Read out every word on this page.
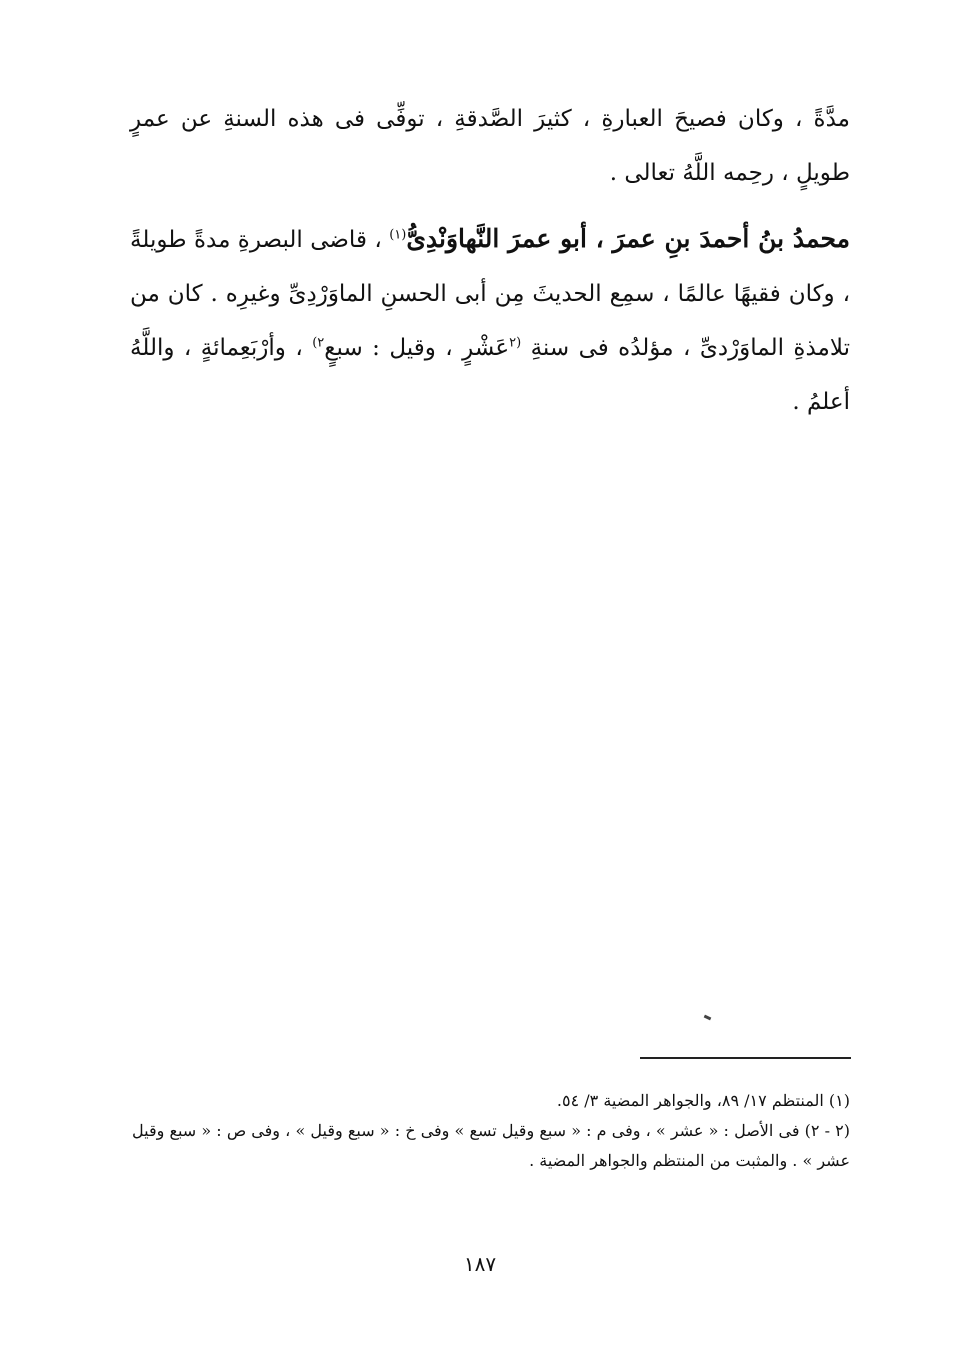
مدَّةً ، وكان فصيحَ العبارةِ ، كثيرَ الصَّدقةِ ، توفِّى فى هذه السنةِ عن عمرٍ طويلٍ ، رحِمه اللَّهُ تعالى .

محمدُ بنُ أحمدَ بنِ عمرَ ، أبو عمرَ النَّهاوَنْدِىُّ$^{(١)}$ ، قاضى البصرةِ مدةً طويلةً ، وكان فقيهًا عالمًا ، سمِع الحديثَ مِن أبى الحسنِ الماوَرْدِىِّ وغيرِه . كان من تلامذةِ الماوَرْدىِّ ، مؤلدُه فى سنةِ $^{(٢}$عَشْرٍ ، وقيل : سبعٍ$^{٢)}$ ، وأرْبَعِمائةٍ ، واللَّهُ أعلمُ .

(١) المنتظم ١٧/ ٨٩، والجواهر المضية ٣/ ٥٤.

(٢ - ٢) فى الأصل : « عشر » ، وفى م : « سبع وقيل تسع » وفى خ : « سبع وقيل » ، وفى ص : « سبع وقيل عشر » . والمثبت من المنتظم والجواهر المضية .

١٨٧
